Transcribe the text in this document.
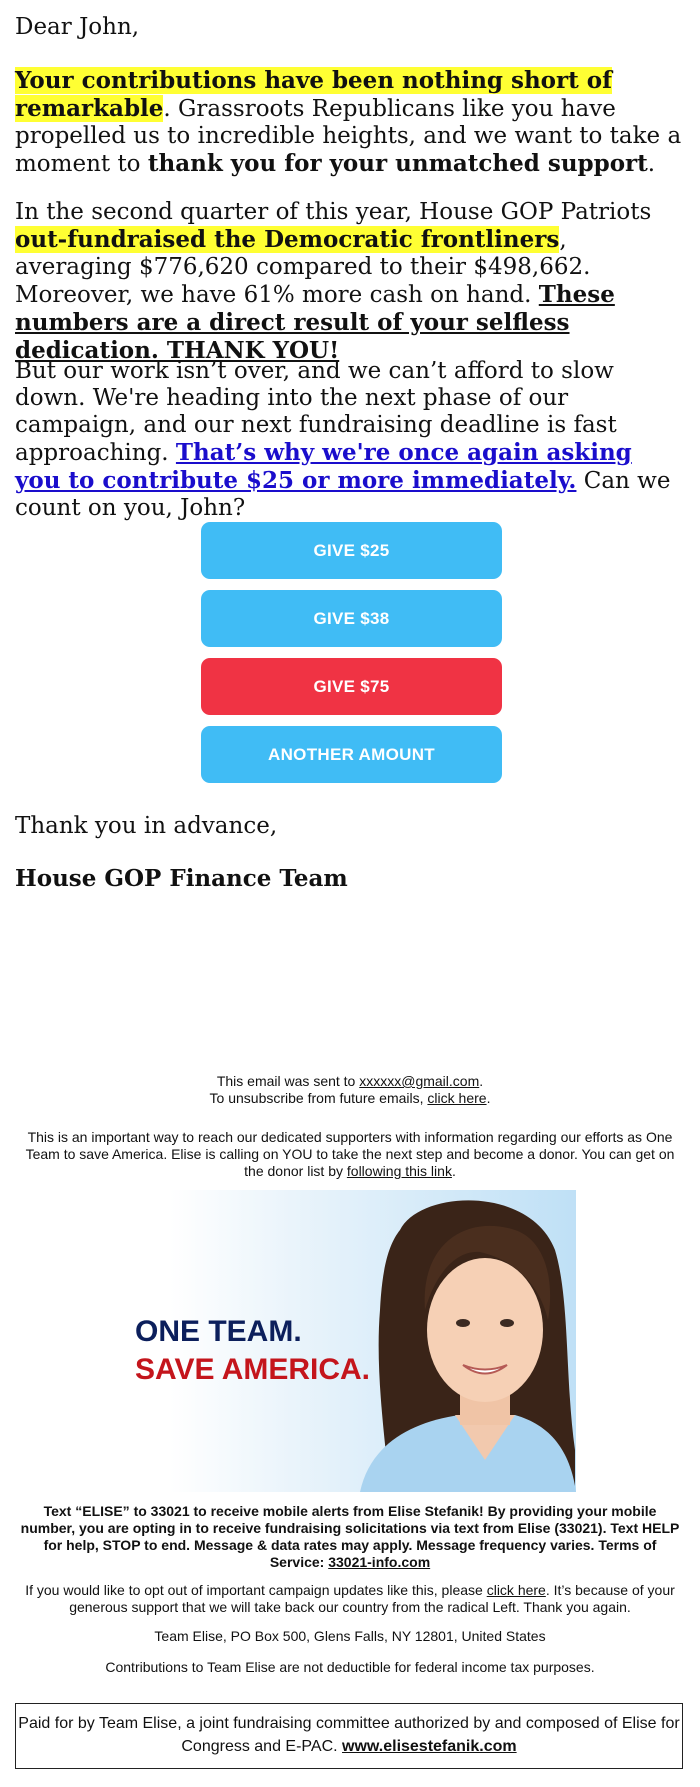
Dear John,

Your contributions have been nothing short of remarkable. Grassroots Republicans like you have propelled us to incredible heights, and we want to take a moment to thank you for your unmatched support.

In the second quarter of this year, House GOP Patriots out-fundraised the Democratic frontliners, averaging $776,620 compared to their $498,662. Moreover, we have 61% more cash on hand. These numbers are a direct result of your selfless dedication. THANK YOU!

But our work isn’t over, and we can’t afford to slow down. We're heading into the next phase of our campaign, and our next fundraising deadline is fast approaching. That’s why we're once again asking you to contribute $25 or more immediately. Can we count on you, John?

GIVE $25
GIVE $38
GIVE $75
ANOTHER AMOUNT

Thank you in advance,

House GOP Finance Team

This email was sent to xxxxxx@gmail.com.
To unsubscribe from future emails, click here.
This is an important way to reach our dedicated supporters with information regarding our efforts as One Team to save America. Elise is calling on YOU to take the next step and become a donor. You can get on the donor list by following this link.
ONE TEAM.
SAVE AMERICA.
Text “ELISE” to 33021 to receive mobile alerts from Elise Stefanik! By providing your mobile number, you are opting in to receive fundraising solicitations via text from Elise (33021). Text HELP for help, STOP to end. Message & data rates may apply. Message frequency varies. Terms of Service: 33021-info.com
If you would like to opt out of important campaign updates like this, please click here. It’s because of your generous support that we will take back our country from the radical Left. Thank you again.
Team Elise, PO Box 500, Glens Falls, NY 12801, United States
Contributions to Team Elise are not deductible for federal income tax purposes.
Paid for by Team Elise, a joint fundraising committee authorized by and composed of Elise for Congress and E-PAC. www.elisestefanik.com
